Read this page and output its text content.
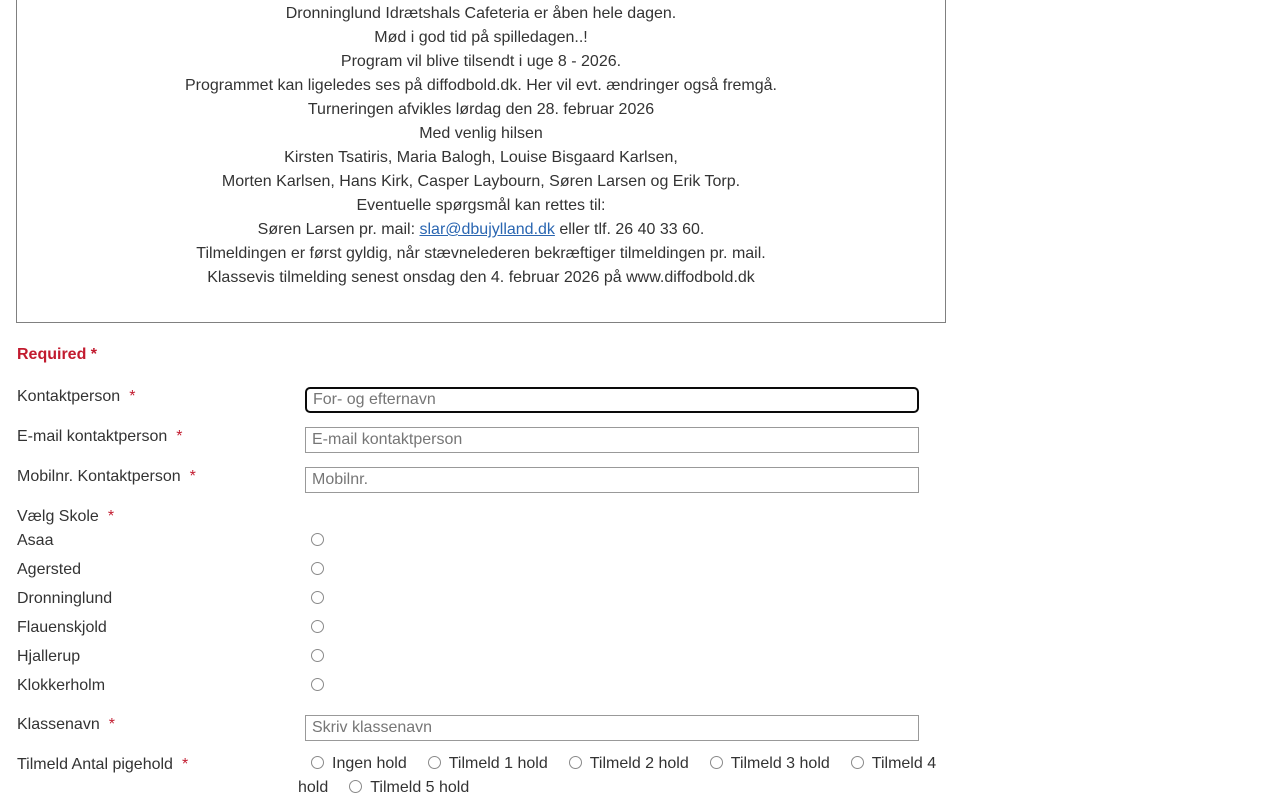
Dronninglund Idrætshals Cafeteria er åben hele dagen.
Mød i god tid på spilledagen..!
Program vil blive tilsendt i uge 8 - 2026.
Programmet kan ligeledes ses på diffodbold.dk. Her vil evt. ændringer også fremgå.
Turneringen afvikles lørdag den 28. februar 2026
Med venlig hilsen
Kirsten Tsatiris, Maria Balogh, Louise Bisgaard Karlsen,
Morten Karlsen, Hans Kirk, Casper Laybourn, Søren Larsen og Erik Torp.
Eventuelle spørgsmål kan rettes til:
Søren Larsen pr. mail: slar@dbujylland.dk eller tlf. 26 40 33 60.
Tilmeldingen er først gyldig, når stævnelederen bekræftiger tilmeldingen pr. mail.
Klassevis tilmelding senest onsdag den 4. februar 2026 på www.diffodbold.dk
Required *
Kontaktperson *
For- og efternavn
E-mail kontaktperson *
E-mail kontaktperson
Mobilnr. Kontaktperson *
Mobilnr.
Vælg Skole *
Asaa
Agersted
Dronninglund
Flauenskjold
Hjallerup
Klokkerholm
Klassenavn *
Skriv klassenavn
Tilmeld Antal pigehold *	Ingen hold	Tilmeld 1 hold	Tilmeld 2 hold	Tilmeld 3 hold	Tilmeld 4 hold	Tilmeld 5 hold
